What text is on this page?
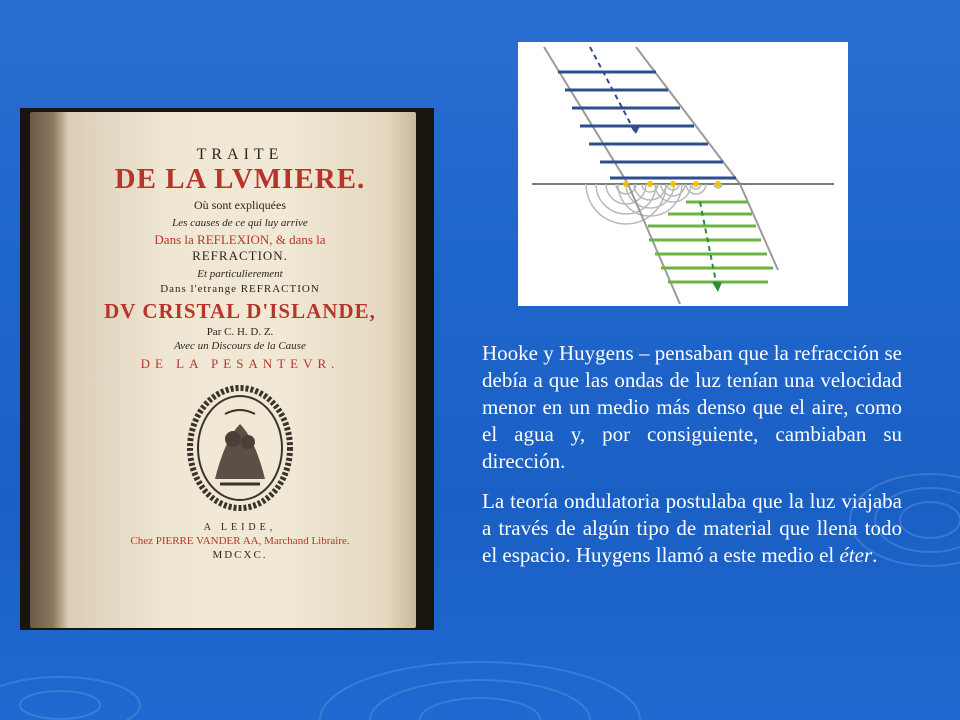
TRAITE
DE LA LVMIERE.
Où sont expliquées
Les causes de ce qui luy arrive
Dans la REFLEXION, & dans la
REFRACTION.
Et particulierement
Dans l'etrange REFRACTION
DV CRISTAL D'ISLANDE,
Par C. H. D. Z.
Avec un Discours de la Cause
DE LA PESANTEVR.
A LEIDE,
Chez PIERRE VANDER AA, Marchand Libraire.
MDCXC.

Hooke y Huygens – pensaban que la refracción se debía a que las ondas de luz tenían una velocidad menor en un medio más denso que el aire, como el agua y, por consiguiente, cambiaban su dirección.

La teoría ondulatoria postulaba que la luz viajaba a través de algún tipo de material que llena todo el espacio. Huygens llamó a este medio el éter.
